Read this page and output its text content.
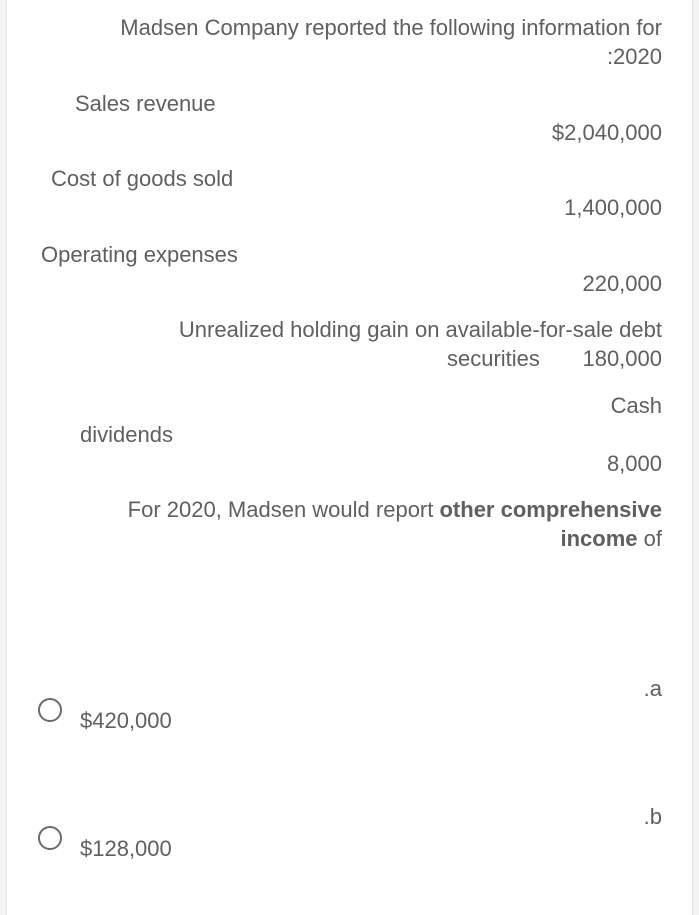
Madsen Company reported the following information for
:2020
Sales revenue
$2,040,000
Cost of goods sold
1,400,000
Operating expenses
220,000
Unrealized holding gain on available-for-sale debt
securities 180,000
Cash
dividends
8,000
For 2020, Madsen would report other comprehensive
income of
.a
$420,000
.b
$128,000
